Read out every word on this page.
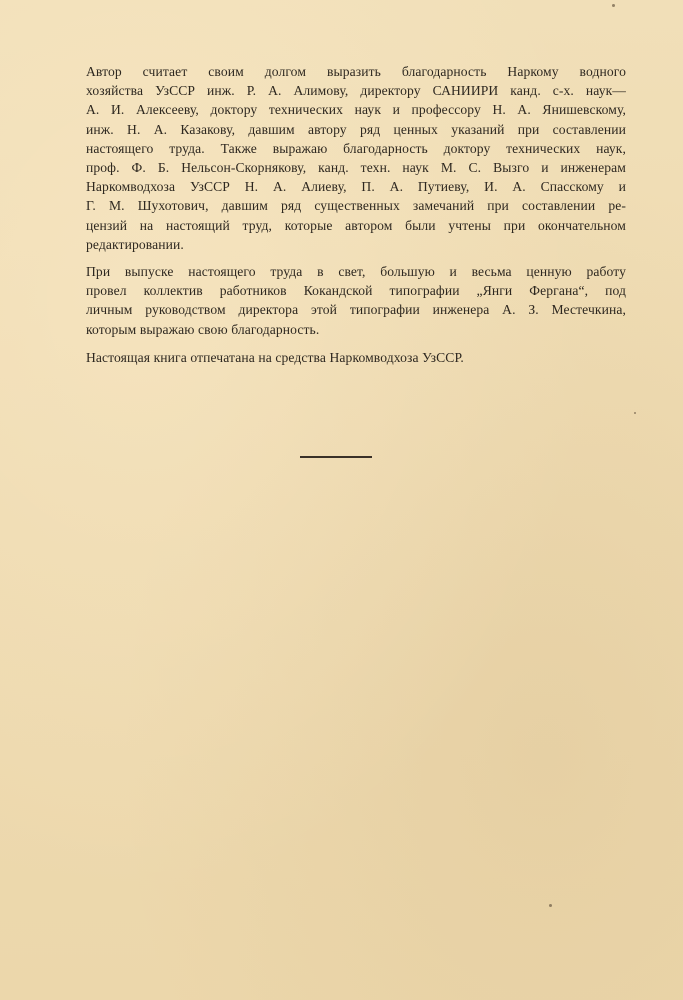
Автор считает своим долгом выразить благодарность Наркому водного
хозяйства УзССР инж. Р. А. Алимову, директору САНИИРИ канд. с-х. наук—
А. И. Алексееву, доктору технических наук и профессору Н. А. Янишевскому,
инж. Н. А. Казакову, давшим автору ряд ценных указаний при составлении
настоящего труда. Также выражаю благодарность доктору технических наук,
проф. Ф. Б. Нельсон-Скорнякову, канд. техн. наук М. С. Вызго и инженерам
Наркомводхоза УзССР Н. А. Алиеву, П. А. Путиеву, И. А. Спасскому и
Г. М. Шухотович, давшим ряд существенных замечаний при составлении ре-
цензий на настоящий труд, которые автором были учтены при окончательном
редактировании.

При выпуске настоящего труда в свет, большую и весьма ценную работу
провел коллектив работников Кокандской типографии „Янги Фергана“, под
личным руководством директора этой типографии инженера А. З. Местечкина,
которым выражаю свою благодарность.

Настоящая книга отпечатана на средства Наркомводхоза УзССР.
